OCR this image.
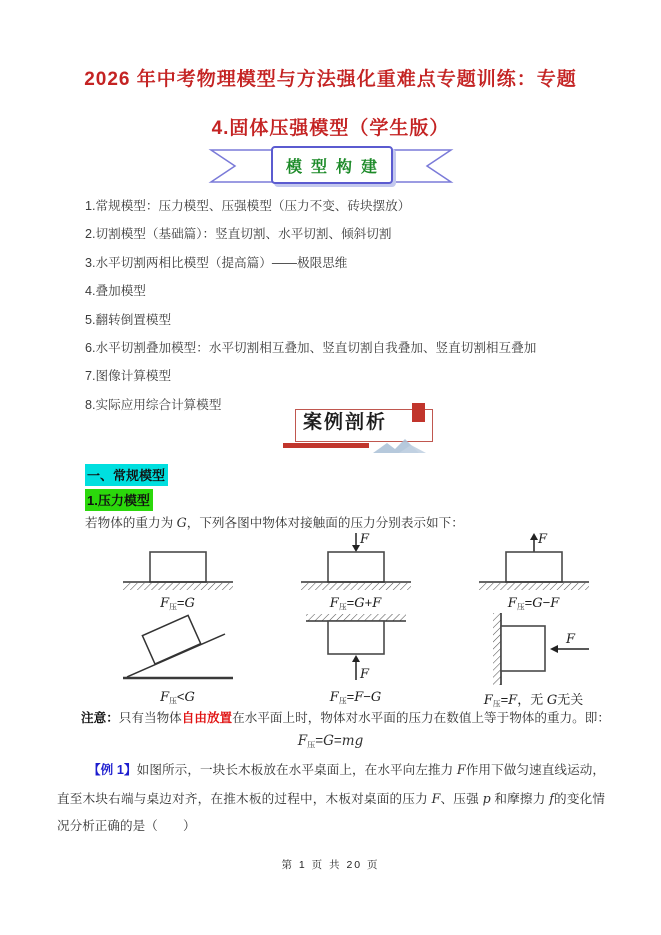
2026 年中考物理模型与方法强化重难点专题训练：专题
4.固体压强模型（学生版）
模型构建
1.常规模型：压力模型、压强模型（压力不变、砖块摆放）
2.切割模型（基础篇）：竖直切割、水平切割、倾斜切割
3.水平切割两相比模型（提高篇）——极限思维
4.叠加模型
5.翻转倒置模型
6.水平切割叠加模型：水平切割相互叠加、竖直切割自我叠加、竖直切割相互叠加
7.图像计算模型
8.实际应用综合计算模型
案例剖析
一、常规模型
1.压力模型
若物体的重力为 G，下列各图中物体对接触面的压力分别表示如下：
F压=G
F
F压=G+F
F
F压=G−F
F压<G
F
F压=F−G
F
F压=F，无 G无关
注意：只有当物体自由放置在水平面上时，物体对水平面的压力在数值上等于物体的重力。即：
F压=G=mg
【例 1】如图所示，一块长木板放在水平桌面上，在水平向左推力 F作用下做匀速直线运动，直至木块右端与桌边对齐，在推木板的过程中，木板对桌面的压力 F、压强 p 和摩擦力 f的变化情况分析正确的是（　　）
第 1 页 共 20 页
